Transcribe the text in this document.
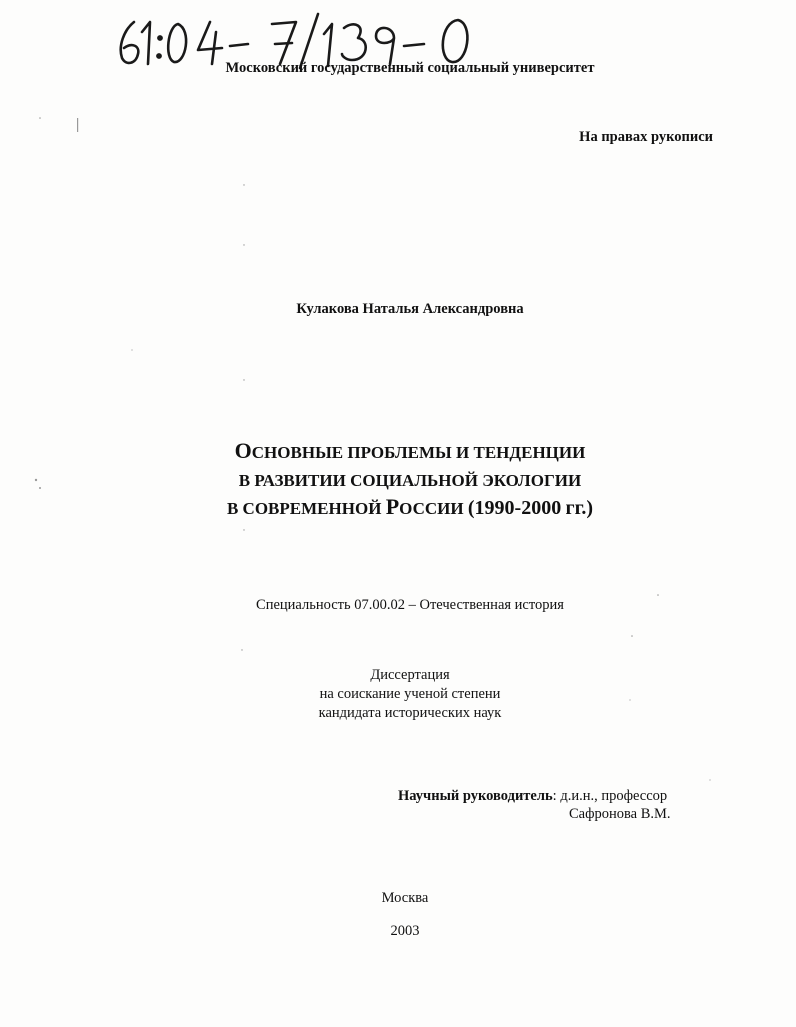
Московский государственный социальный университет
На правах рукописи
Кулакова Наталья Александровна
ОСНОВНЫЕ ПРОБЛЕМЫ И ТЕНДЕНЦИИ
В РАЗВИТИИ СОЦИАЛЬНОЙ ЭКОЛОГИИ
В СОВРЕМЕННОЙ РОССИИ (1990-2000 гг.)
Специальность 07.00.02 – Отечественная история
Диссертация
на соискание ученой степени
кандидата исторических наук
Научный руководитель: д.и.н., профессор
Сафронова В.М.
Москва
2003
